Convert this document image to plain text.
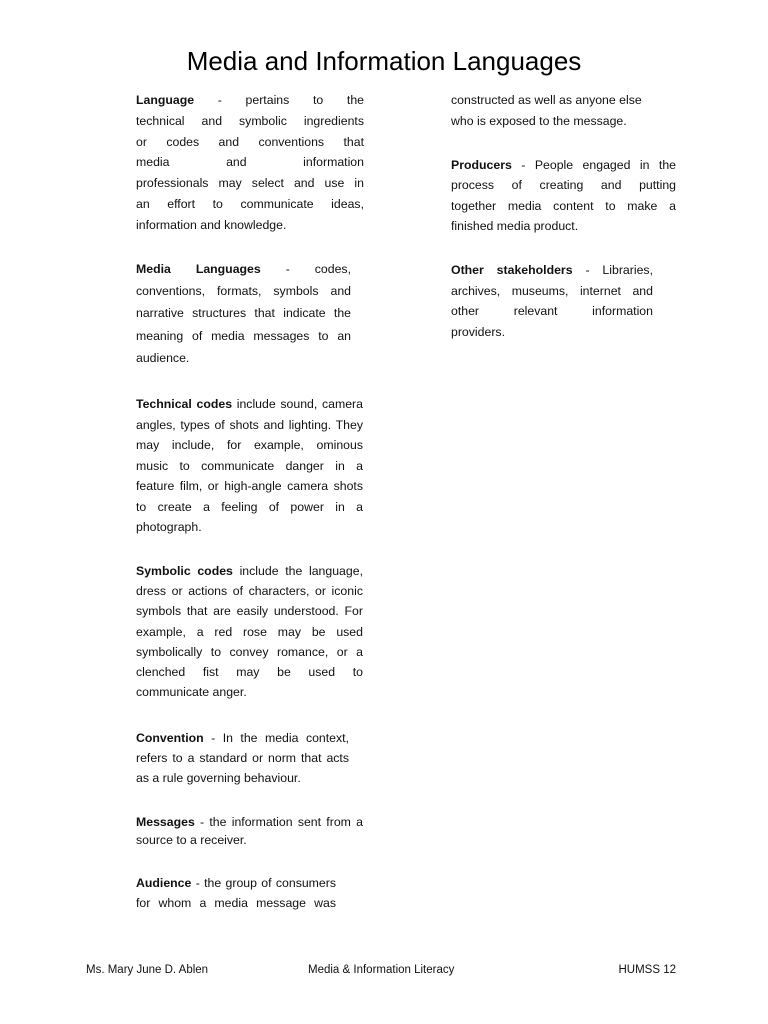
Media and Information Languages
Language - pertains to the
technical and symbolic ingredients
or codes and conventions that
media and information
professionals may select and use in
an effort to communicate ideas,
information and knowledge.
Media Languages - codes,
conventions, formats, symbols and
narrative structures that indicate the
meaning of media messages to an
audience.
Technical codes include sound, camera
angles, types of shots and lighting. They
may include, for example, ominous
music to communicate danger in a
feature film, or high-angle camera shots
to create a feeling of power in a
photograph.
Symbolic codes include the language,
dress or actions of characters, or iconic
symbols that are easily understood. For
example, a red rose may be used
symbolically to convey romance, or a
clenched fist may be used to
communicate anger.
Convention - In the media context,
refers to a standard or norm that acts
as a rule governing behaviour.
Messages - the information sent from a
source to a receiver.
Audience - the group of consumers
for whom a media message was
constructed as well as anyone else
who is exposed to the message.
Producers - People engaged in the
process of creating and putting
together media content to make a
finished media product.
Other stakeholders - Libraries,
archives, museums, internet and
other relevant information
providers.
Ms. Mary June D. Ablen	Media & Information Literacy	HUMSS 12
